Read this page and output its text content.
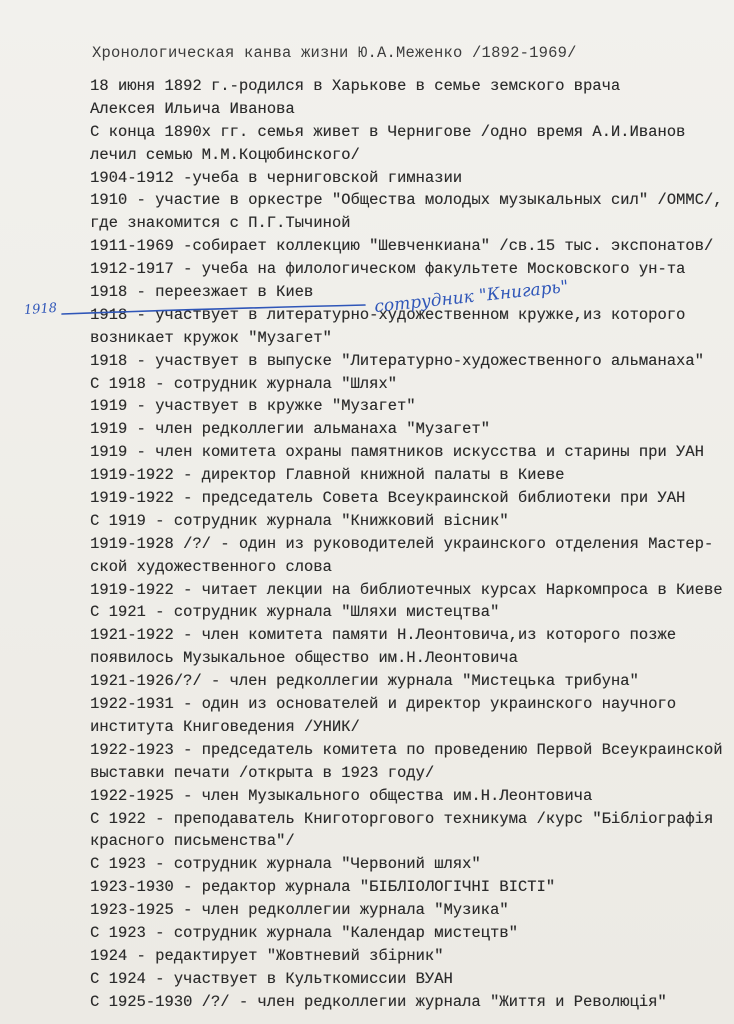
Хронологическая канва жизни Ю.А.Меженко /1892-1969/
18 июня 1892 г.-родился в Харькове в семье земского врача
Алексея Ильича Иванова
С конца 1890х гг. семья живет в Чернигове /одно время А.И.Иванов
лечил семью М.М.Коцюбинского/
1904-1912 -учеба в черниговской гимназии
1910 - участие в оркестре "Общества молодых музыкальных сил" /ОММС/,
где знакомится с П.Г.Тычиной
1911-1969 -собирает коллекцию "Шевченкиана" /св.15 тыс. экспонатов/
1912-1917 - учеба на филологическом факультете Московского ун-та
1918 - переезжает в Киев
1918 - участвует в литературно-художественном кружке,из которого
возникает кружок "Музагет"
1918 - участвует в выпуске "Литературно-художественного альманаха"
С 1918 - сотрудник журнала "Шлях"
1919 - участвует в кружке "Музагет"
1919 - член редколлегии альманаха "Музагет"
1919 - член комитета охраны памятников искусства и старины при УАН
1919-1922 - директор Главной книжной палаты в Киеве
1919-1922 - председатель Совета Всеукраинской библиотеки при УАН
С 1919 - сотрудник журнала "Книжковий вісник"
1919-1928 /?/ - один из руководителей украинского отделения Мастер-
ской художественного слова
1919-1922 - читает лекции на библиотечных курсах Наркомпроса в Киеве
С 1921 - сотрудник журнала "Шляхи мистецтва"
1921-1922 - член комитета памяти Н.Леонтовича,из которого позже
появилось Музыкальное общество им.Н.Леонтовича
1921-1926/?/ - член редколлегии журнала "Мистецька трибуна"
1922-1931 - один из основателей и директор украинского научного
института Книговедения /УНИК/
1922-1923 - председатель комитета по проведению Первой Всеукраинской
выставки печати /открыта в 1923 году/
1922-1925 - член Музыкального общества им.Н.Леонтовича
С 1922 - преподаватель Книготоргового техникума /курс "Бібліографія
красного письменства"/
С 1923 - сотрудник журнала "Червоний шлях"
1923-1930 - редактор журнала "БІБЛІОЛОГІЧНІ ВІСТІ"
1923-1925 - член редколлегии журнала "Музика"
С 1923 - сотрудник журнала "Календар мистецтв"
1924 - редактирует "Жовтневий збірник"
С 1924 - участвует в Культкомиссии ВУАН
С 1925-1930 /?/ - член редколлегии журнала "Життя и Революція"
1918	сотрудник "Книгарь"
